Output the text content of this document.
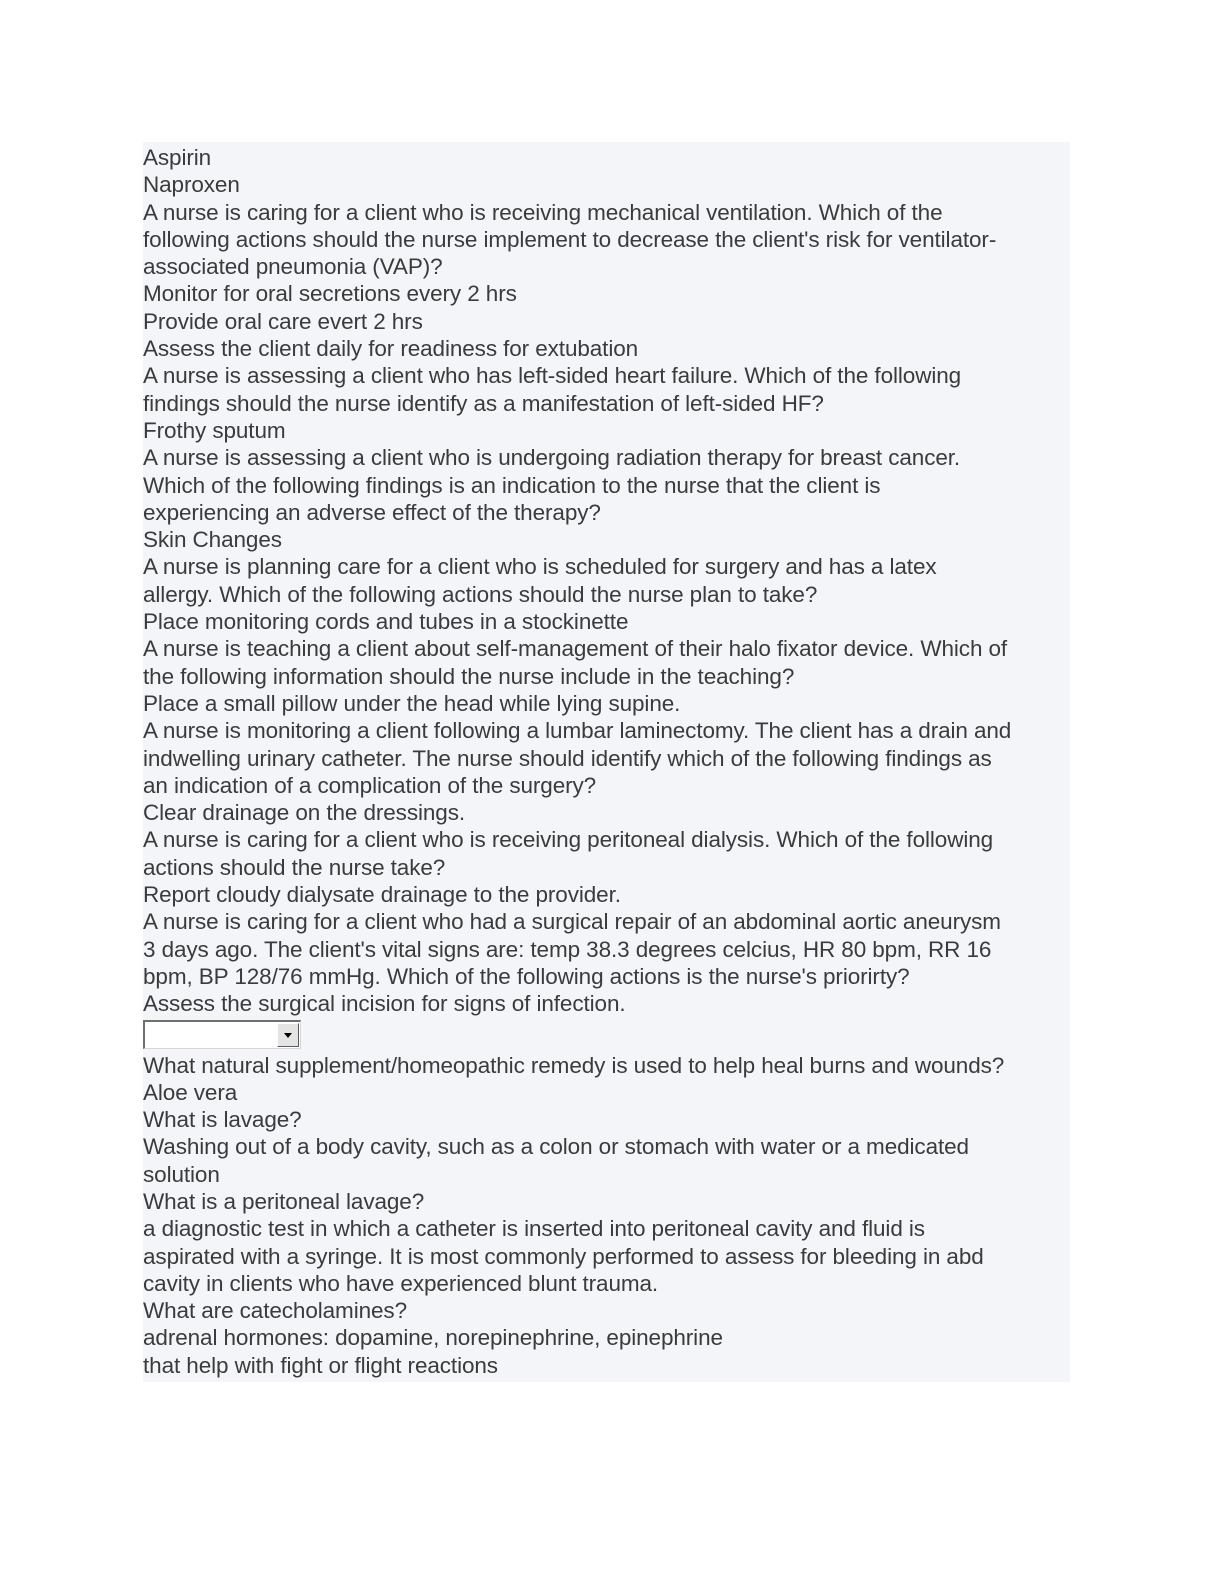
Aspirin
Naproxen
A nurse is caring for a client who is receiving mechanical ventilation. Which of the
following actions should the nurse implement to decrease the client's risk for ventilator-
associated pneumonia (VAP)?
Monitor for oral secretions every 2 hrs
Provide oral care evert 2 hrs
Assess the client daily for readiness for extubation
A nurse is assessing a client who has left-sided heart failure. Which of the following
findings should the nurse identify as a manifestation of left-sided HF?
Frothy sputum
A nurse is assessing a client who is undergoing radiation therapy for breast cancer.
Which of the following findings is an indication to the nurse that the client is
experiencing an adverse effect of the therapy?
Skin Changes
A nurse is planning care for a client who is scheduled for surgery and has a latex
allergy. Which of the following actions should the nurse plan to take?
Place monitoring cords and tubes in a stockinette
A nurse is teaching a client about self-management of their halo fixator device. Which of
the following information should the nurse include in the teaching?
Place a small pillow under the head while lying supine.
A nurse is monitoring a client following a lumbar laminectomy. The client has a drain and
indwelling urinary catheter. The nurse should identify which of the following findings as
an indication of a complication of the surgery?
Clear drainage on the dressings.
A nurse is caring for a client who is receiving peritoneal dialysis. Which of the following
actions should the nurse take?
Report cloudy dialysate drainage to the provider.
A nurse is caring for a client who had a surgical repair of an abdominal aortic aneurysm
3 days ago. The client's vital signs are: temp 38.3 degrees celcius, HR 80 bpm, RR 16
bpm, BP 128/76 mmHg. Which of the following actions is the nurse's priorirty?
Assess the surgical incision for signs of infection.
What natural supplement/homeopathic remedy is used to help heal burns and wounds?
Aloe vera
What is lavage?
Washing out of a body cavity, such as a colon or stomach with water or a medicated
solution
What is a peritoneal lavage?
a diagnostic test in which a catheter is inserted into peritoneal cavity and fluid is
aspirated with a syringe. It is most commonly performed to assess for bleeding in abd
cavity in clients who have experienced blunt trauma.
What are catecholamines?
adrenal hormones: dopamine, norepinephrine, epinephrine
that help with fight or flight reactions
